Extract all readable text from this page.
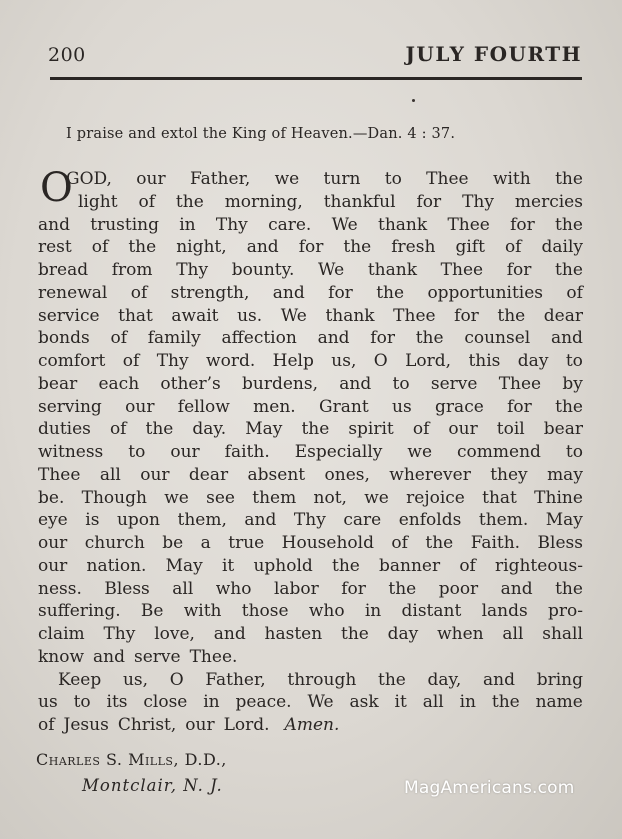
200	JULY FOURTH
I praise and extol the King of Heaven.—Dan. 4 : 37.
O
GOD, our Father, we turn to Thee with the
light of the morning, thankful for Thy mercies
and trusting in Thy care. We thank Thee for the
rest of the night, and for the fresh gift of daily
bread from Thy bounty. We thank Thee for the
renewal of strength, and for the opportunities of
service that await us. We thank Thee for the dear
bonds of family affection and for the counsel and
comfort of Thy word. Help us, O Lord, this day to
bear each other’s burdens, and to serve Thee by
serving our fellow men. Grant us grace for the
duties of the day. May the spirit of our toil bear
witness to our faith. Especially we commend to
Thee all our dear absent ones, wherever they may
be. Though we see them not, we rejoice that Thine
eye is upon them, and Thy care enfolds them. May
our church be a true Household of the Faith. Bless
our nation. May it uphold the banner of righteous-
ness. Bless all who labor for the poor and the
suffering. Be with those who in distant lands pro-
claim Thy love, and hasten the day when all shall
know and serve Thee.
Keep us, O Father, through the day, and bring
us to its close in peace. We ask it all in the name
of Jesus Christ, our Lord. Amen.
Charles S. Mills, D.D.,
Montclair, N. J.	MagAmericans.com
